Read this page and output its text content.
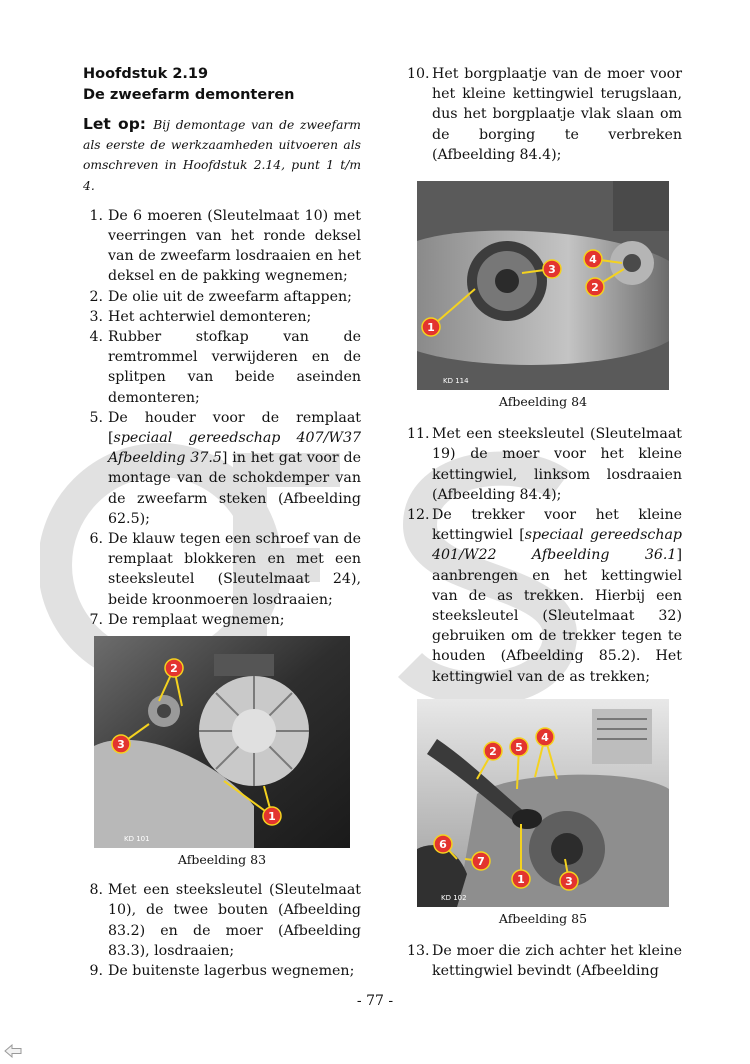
Hoofdstuk 2.19
De zweefarm demonteren

Let op: Bij demontage van de zweefarm als eerste de werkzaamheden uitvoeren als omschreven in Hoofdstuk 2.14, punt 1 t/m 4.

1. De 6 moeren (Sleutelmaat 10) met veerringen van het ronde deksel van de zweefarm losdraaien en het deksel en de pakking wegnemen;
2. De olie uit de zweefarm aftappen;
3. Het achterwiel demonteren;
4. Rubber stofkap van de remtrommel verwijderen en de splitpen van beide aseinden demonteren;
5. De houder voor de remplaat [speciaal gereedschap 407/W37 Afbeelding 37.5] in het gat voor de montage van de schokdemper van de zweefarm steken (Afbeelding 62.5);
6. De klauw tegen een schroef van de remplaat blokkeren en met een steeksleutel (Sleutelmaat 24), beide kroonmoeren losdraaien;
7. De remplaat wegnemen;
2
3
1
KD 101
Afbeelding 83
8. Met een steeksleutel (Sleutelmaat 10), de twee bouten (Afbeelding 83.2) en de moer (Afbeelding 83.3), losdraaien;
9. De buitenste lagerbus wegnemen;
10. Het borgplaatje van de moer voor het kleine kettingwiel terugslaan, dus het borgplaatje vlak slaan om de borging te verbreken (Afbeelding 84.4);
3
4
2
1
KD 114
Afbeelding 84
11. Met een steeksleutel (Sleutelmaat 19) de moer voor het kleine kettingwiel, linksom losdraaien (Afbeelding 84.4);
12. De trekker voor het kleine kettingwiel [speciaal gereedschap 401/W22 Afbeelding 36.1] aanbrengen en het kettingwiel van de as trekken. Hierbij een steeksleutel (Sleutelmaat 32) gebruiken om de trekker tegen te houden (Afbeelding 85.2). Het kettingwiel van de as trekken;
2 5
4
6
7
1	3
KD 102
Afbeelding 85
13. De moer die zich achter het kleine kettingwiel bevindt (Afbeelding
- 77 -
